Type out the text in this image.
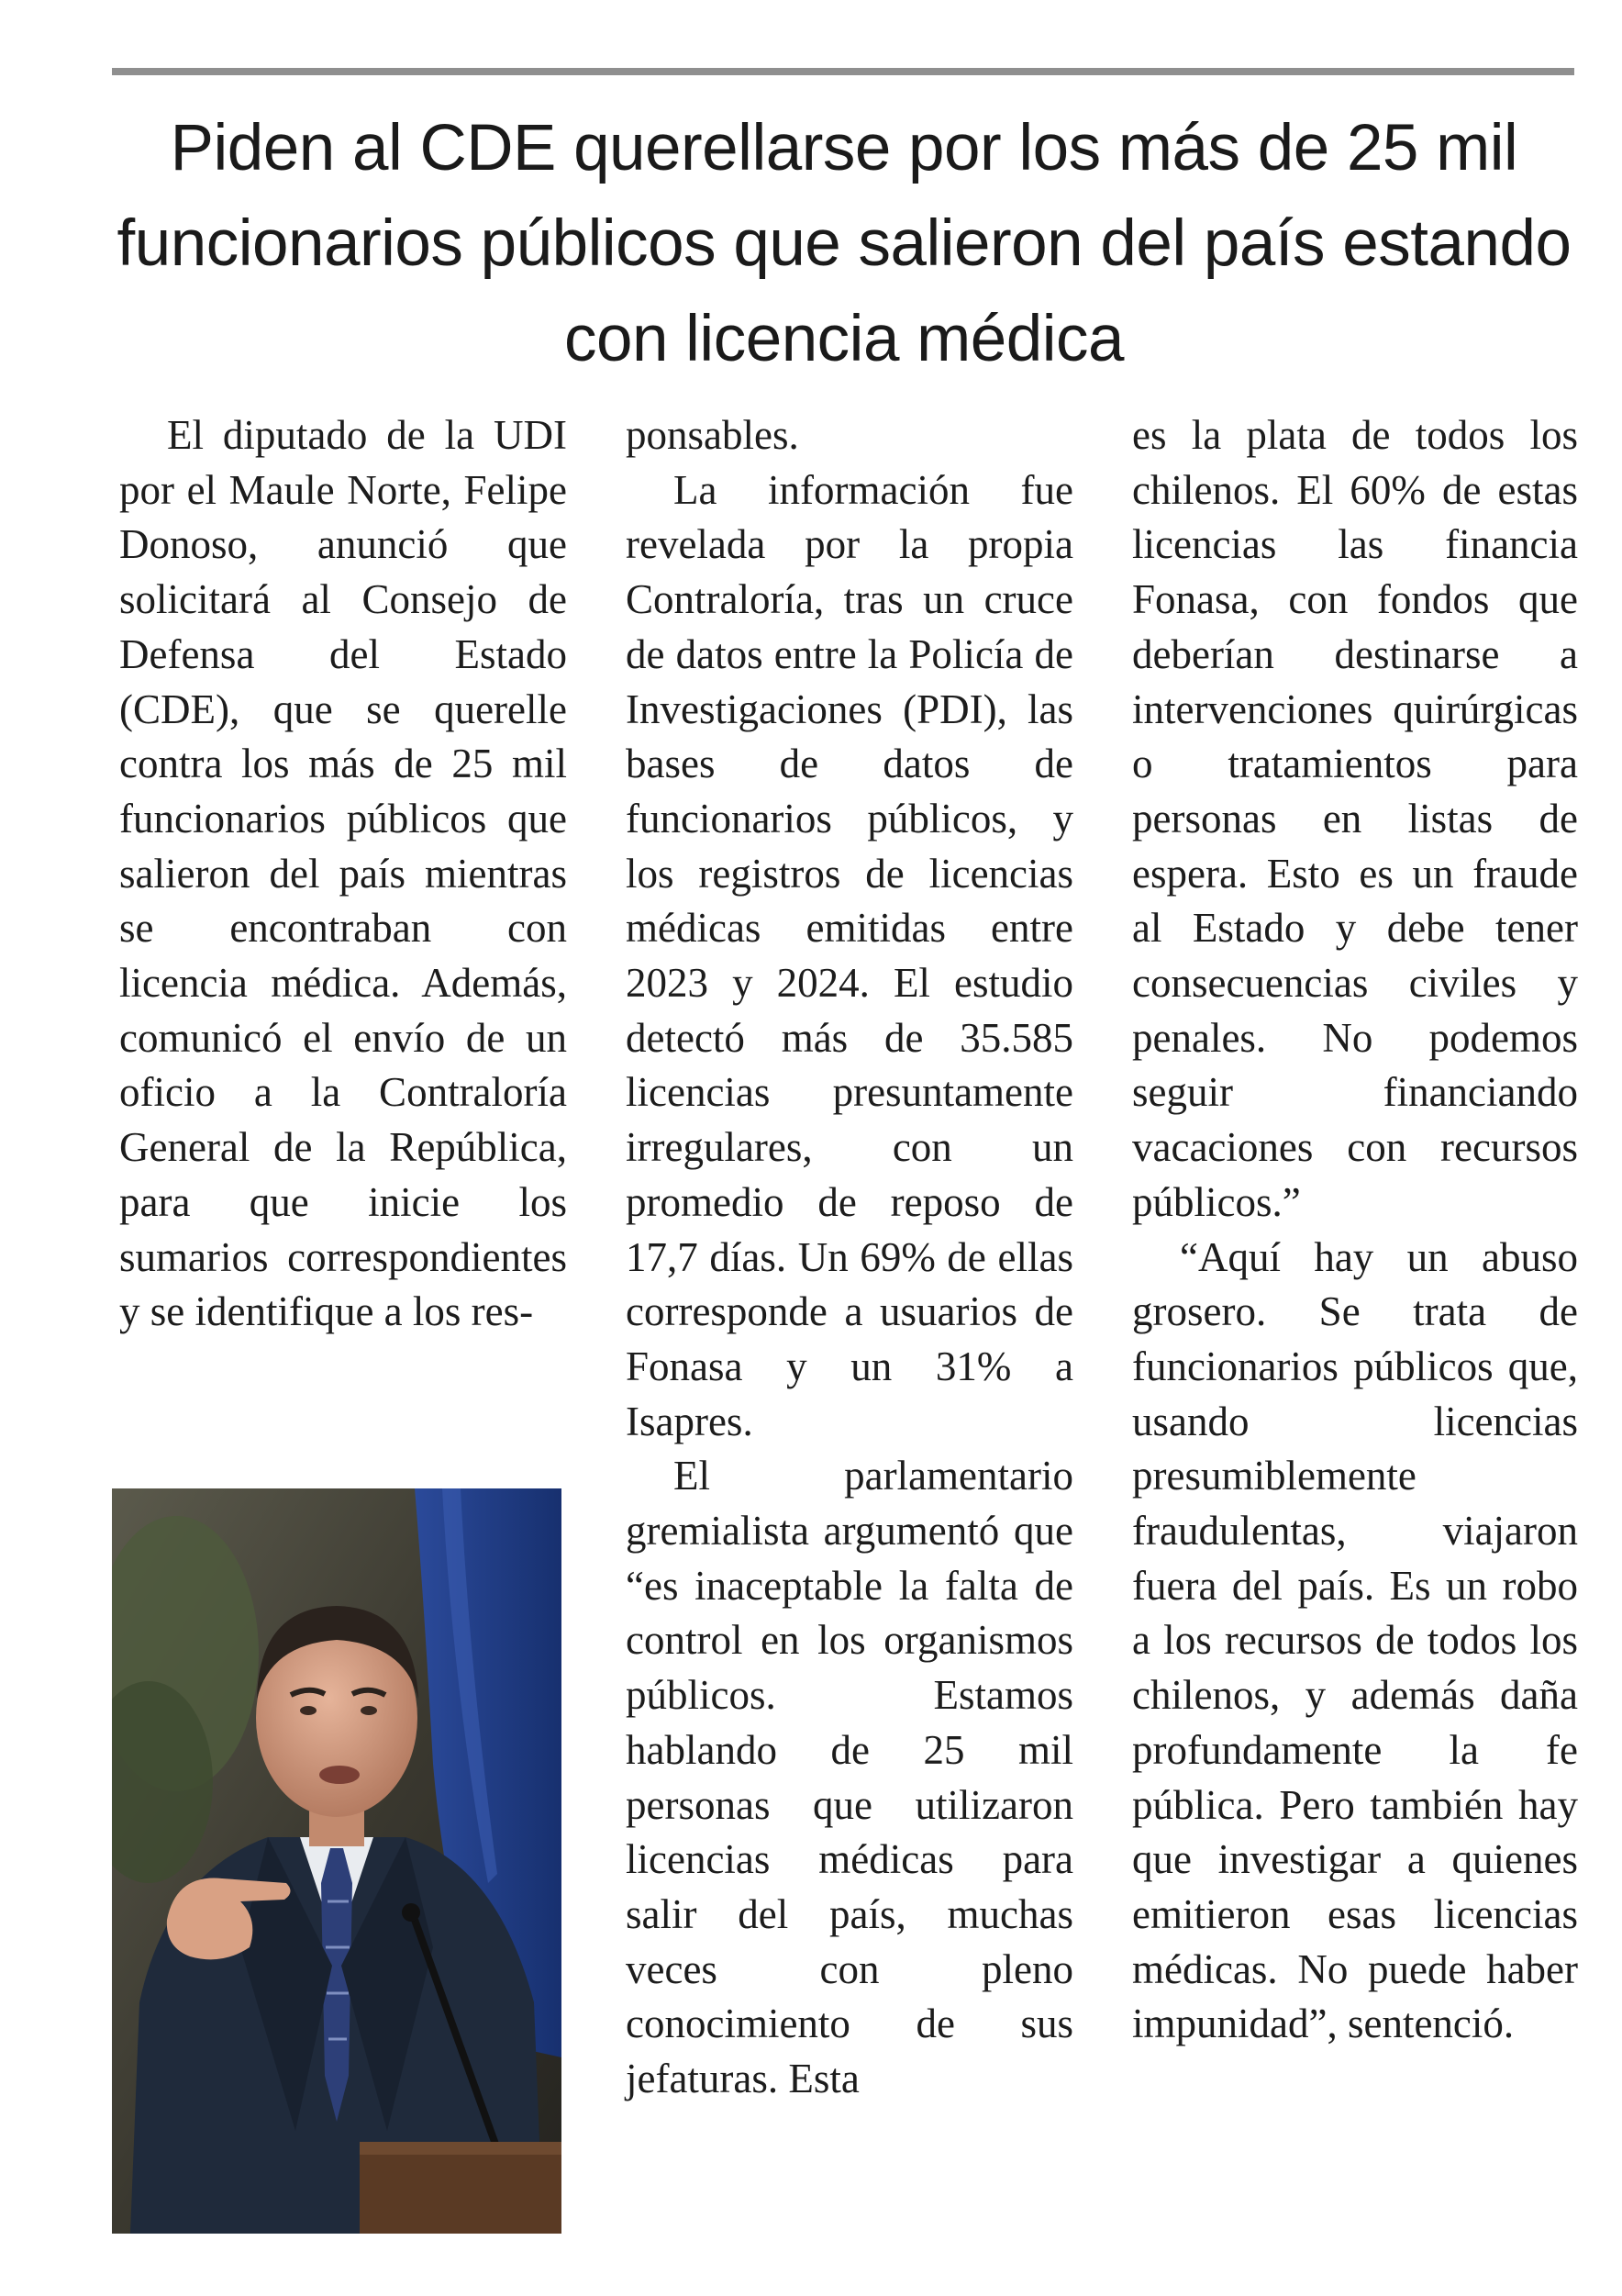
Piden al CDE querellarse por los más de 25 mil funcionarios públicos que salieron del país estando con licencia médica

El diputado de la UDI por el Maule Norte, Felipe Donoso, anunció que solicitará al Consejo de Defensa del Estado (CDE), que se querelle contra los más de 25 mil funcionarios públicos que salieron del país mientras se encontraban con licencia médica. Además, comunicó el envío de un oficio a la Contraloría General de la República, para que inicie los sumarios correspondientes y se identifique a los res-

ponsables.

La información fue revelada por la propia Contraloría, tras un cruce de datos entre la Policía de Investigaciones (PDI), las bases de datos de funcionarios públicos, y los registros de licencias médicas emitidas entre 2023 y 2024. El estudio detectó más de 35.585 licencias presuntamente irregulares, con un promedio de reposo de 17,7 días. Un 69% de ellas corresponde a usuarios de Fonasa y un 31% a Isapres.

El parlamentario gremialista argumentó que “es inaceptable la falta de control en los organismos públicos. Estamos hablando de 25 mil personas que utilizaron licencias médicas para salir del país, muchas veces con pleno conocimiento de sus jefaturas. Esta

es la plata de todos los chilenos. El 60% de estas licencias las financia Fonasa, con fondos que deberían destinarse a intervenciones quirúrgicas o tratamientos para personas en listas de espera. Esto es un fraude al Estado y debe tener consecuencias civiles y penales. No podemos seguir financiando vacaciones con recursos públicos.”

“Aquí hay un abuso grosero. Se trata de funcionarios públicos que, usando licencias presumiblemente fraudulentas, viajaron fuera del país. Es un robo a los recursos de todos los chilenos, y además daña profundamente la fe pública. Pero también hay que investigar a quienes emitieron esas licencias médicas. No puede haber impunidad”, sentenció.
